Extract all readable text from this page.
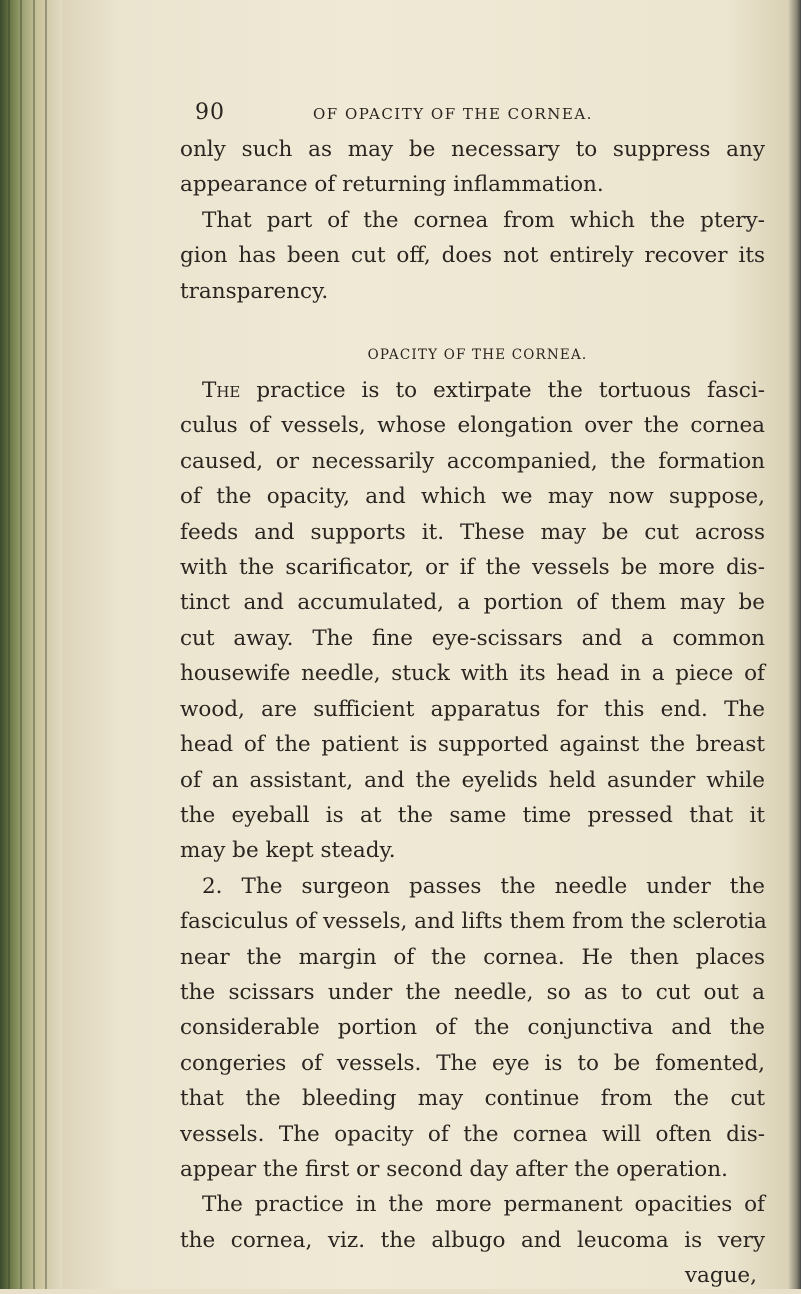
90	OF OPACITY OF THE CORNEA.
only such as may be necessary to suppress any
appearance of returning inflammation.
That part of the cornea from which the ptery-
gion has been cut off, does not entirely recover its
transparency.
OPACITY OF THE CORNEA.
The practice is to extirpate the tortuous fasci-
culus of vessels, whose elongation over the cornea
caused, or necessarily accompanied, the formation
of the opacity, and which we may now suppose,
feeds and supports it. These may be cut across
with the scarificator, or if the vessels be more dis-
tinct and accumulated, a portion of them may be
cut away. The fine eye-scissars and a common
housewife needle, stuck with its head in a piece of
wood, are sufficient apparatus for this end. The
head of the patient is supported against the breast
of an assistant, and the eyelids held asunder while
the eyeball is at the same time pressed that it
may be kept steady.
2. The surgeon passes the needle under the
fasciculus of vessels, and lifts them from the sclerotia
near the margin of the cornea. He then places
the scissars under the needle, so as to cut out a
considerable portion of the conjunctiva and the
congeries of vessels. The eye is to be fomented,
that the bleeding may continue from the cut
vessels. The opacity of the cornea will often dis-
appear the first or second day after the operation.
The practice in the more permanent opacities of
the cornea, viz. the albugo and leucoma is very
vague,
